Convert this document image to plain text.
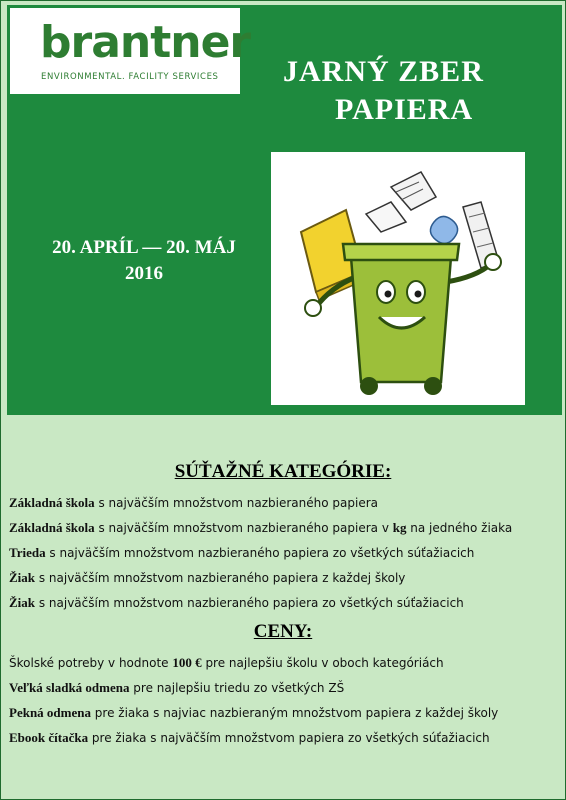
brantner
ENVIRONMENTAL. FACILITY SERVICES JARNÝ ZBER
PAPIERA
20. APRÍL — 20. MÁJ
2016
SÚŤAŽNÉ KATEGÓRIE:
Základná škola s najväčším množstvom nazbieraného papiera
Základná škola s najväčším množstvom nazbieraného papiera v kg na jedného žiaka
Trieda s najväčším množstvom nazbieraného papiera zo všetkých súťažiacich
Žiak s najväčším množstvom nazbieraného papiera z každej školy
Žiak s najväčším množstvom nazbieraného papiera zo všetkých súťažiacich
CENY:
Školské potreby v hodnote 100 € pre najlepšiu školu v oboch kategóriách
Veľká sladká odmena pre najlepšiu triedu zo všetkých ZŠ
Pekná odmena pre žiaka s najviac nazbieraným množstvom papiera z každej školy
Ebook čítačka pre žiaka s najväčším množstvom papiera zo všetkých súťažiacich
